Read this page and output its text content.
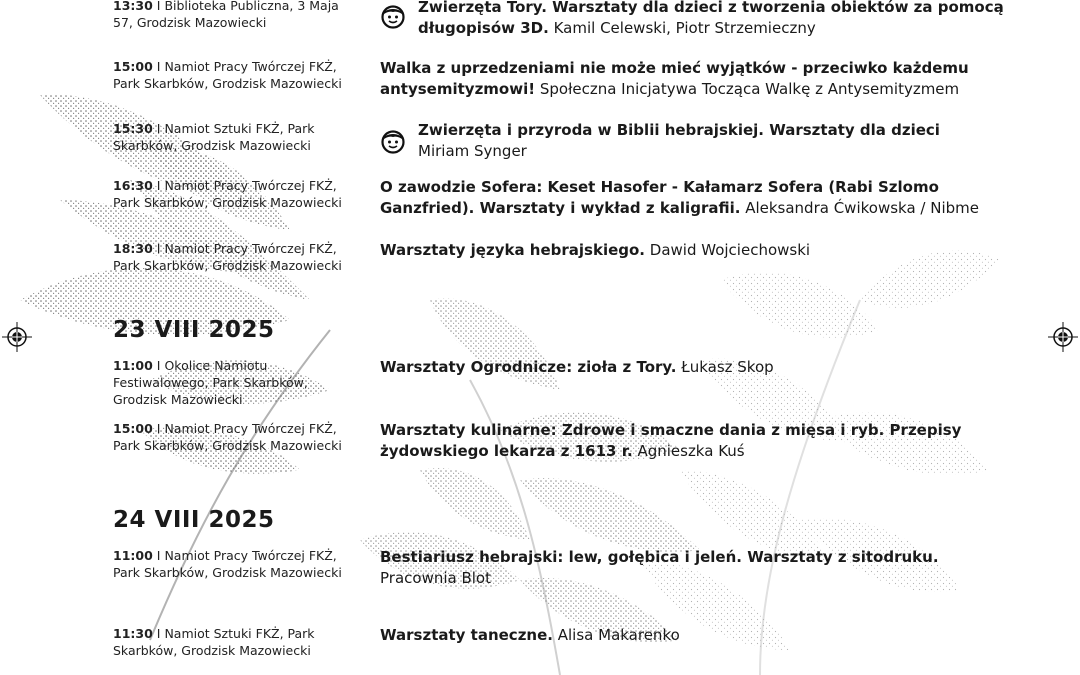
13:30 I Biblioteka Publiczna, 3 Maja 57, Grodzisk Mazowiecki
Zwierzęta Tory. Warsztaty dla dzieci z tworzenia obiektów za pomocą długopisów 3D. Kamil Celewski, Piotr Strzemieczny
15:00 I Namiot Pracy Twórczej FKŻ, Park Skarbków, Grodzisk Mazowiecki
Walka z uprzedzeniami nie może mieć wyjątków - przeciwko każdemu antysemityzmowi! Społeczna Inicjatywa Tocząca Walkę z Antysemityzmem
15:30 I Namiot Sztuki FKŻ, Park Skarbków, Grodzisk Mazowiecki
Zwierzęta i przyroda w Biblii hebrajskiej. Warsztaty dla dzieci
Miriam Synger
16:30 I Namiot Pracy Twórczej FKŻ, Park Skarbków, Grodzisk Mazowiecki
O zawodzie Sofera: Keset Hasofer - Kałamarz Sofera (Rabi Szlomo Ganzfried). Warsztaty i wykład z kaligrafii. Aleksandra Ćwikowska / Nibme
18:30 I Namiot Pracy Twórczej FKŻ, Park Skarbków, Grodzisk Mazowiecki
Warsztaty języka hebrajskiego. Dawid Wojciechowski
23 VIII 2025
11:00 I Okolice Namiotu Festiwalowego, Park Skarbków, Grodzisk Mazowiecki
Warsztaty Ogrodnicze: zioła z Tory. Łukasz Skop
15:00 I Namiot Pracy Twórczej FKŻ, Park Skarbków, Grodzisk Mazowiecki
Warsztaty kulinarne: Zdrowe i smaczne dania z mięsa i ryb. Przepisy żydowskiego lekarza z 1613 r. Agnieszka Kuś
24 VIII 2025
11:00 I Namiot Pracy Twórczej FKŻ, Park Skarbków, Grodzisk Mazowiecki
Bestiariusz hebrajski: lew, gołębica i jeleń. Warsztaty z sitodruku.
Pracownia Blot
11:30 I Namiot Sztuki FKŻ, Park Skarbków, Grodzisk Mazowiecki
Warsztaty taneczne. Alisa Makarenko
